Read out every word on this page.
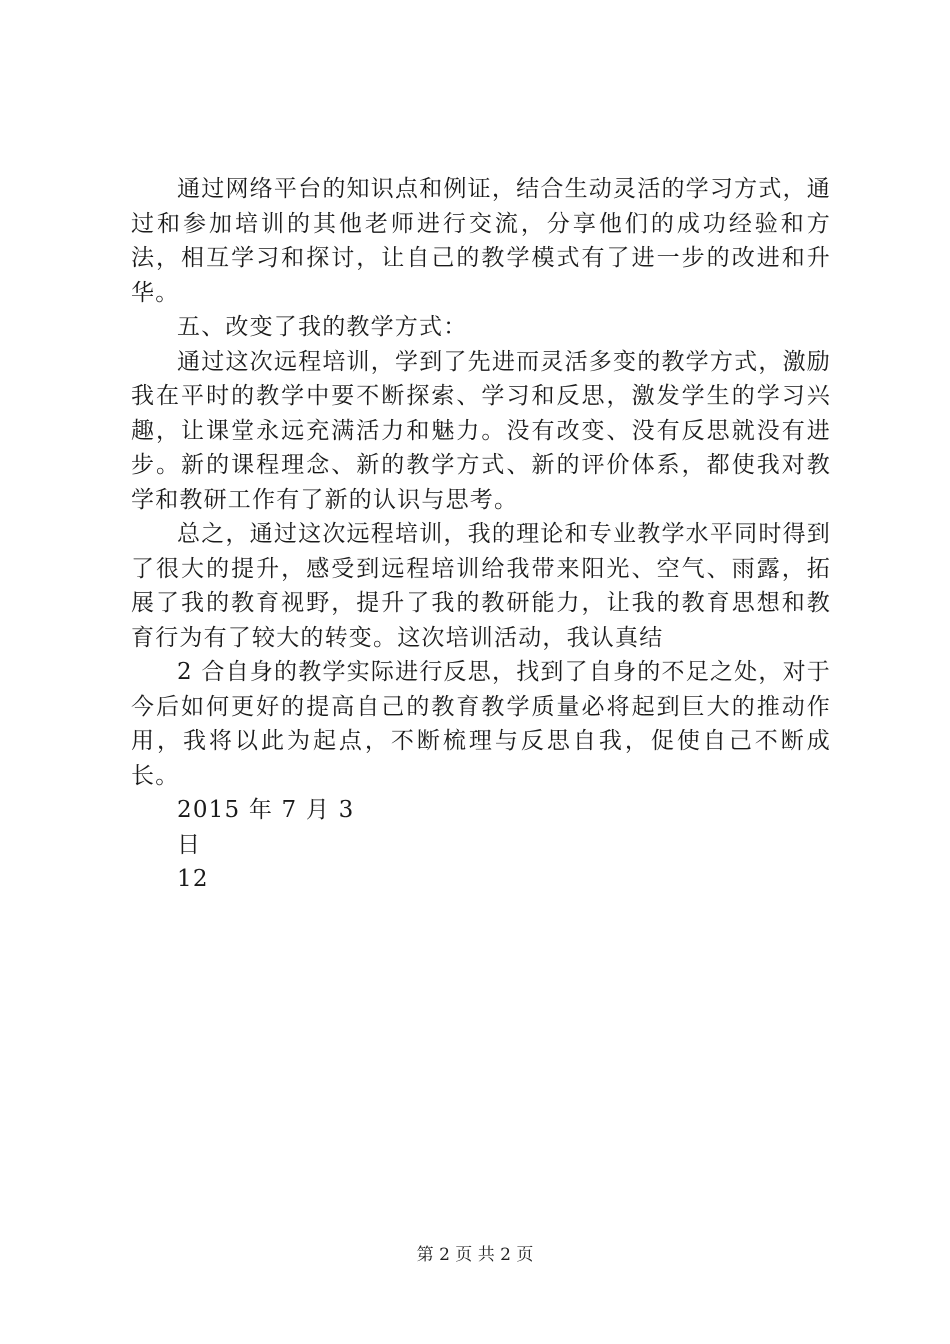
通过网络平台的知识点和例证，结合生动灵活的学习方式，通过和参加培训的其他老师进行交流，分享他们的成功经验和方法，相互学习和探讨，让自己的教学模式有了进一步的改进和升华。

五、改变了我的教学方式：

通过这次远程培训，学到了先进而灵活多变的教学方式，激励我在平时的教学中要不断探索、学习和反思，激发学生的学习兴趣，让课堂永远充满活力和魅力。没有改变、没有反思就没有进步。新的课程理念、新的教学方式、新的评价体系，都使我对教学和教研工作有了新的认识与思考。

总之，通过这次远程培训，我的理论和专业教学水平同时得到了很大的提升，感受到远程培训给我带来阳光、空气、雨露，拓展了我的教育视野，提升了我的教研能力，让我的教育思想和教育行为有了较大的转变。这次培训活动，我认真结

2 合自身的教学实际进行反思，找到了自身的不足之处，对于今后如何更好的提高自己的教育教学质量必将起到巨大的推动作用，我将以此为起点，不断梳理与反思自我，促使自己不断成长。

2015 年 7 月 3

日

12

第 2 页 共 2 页
